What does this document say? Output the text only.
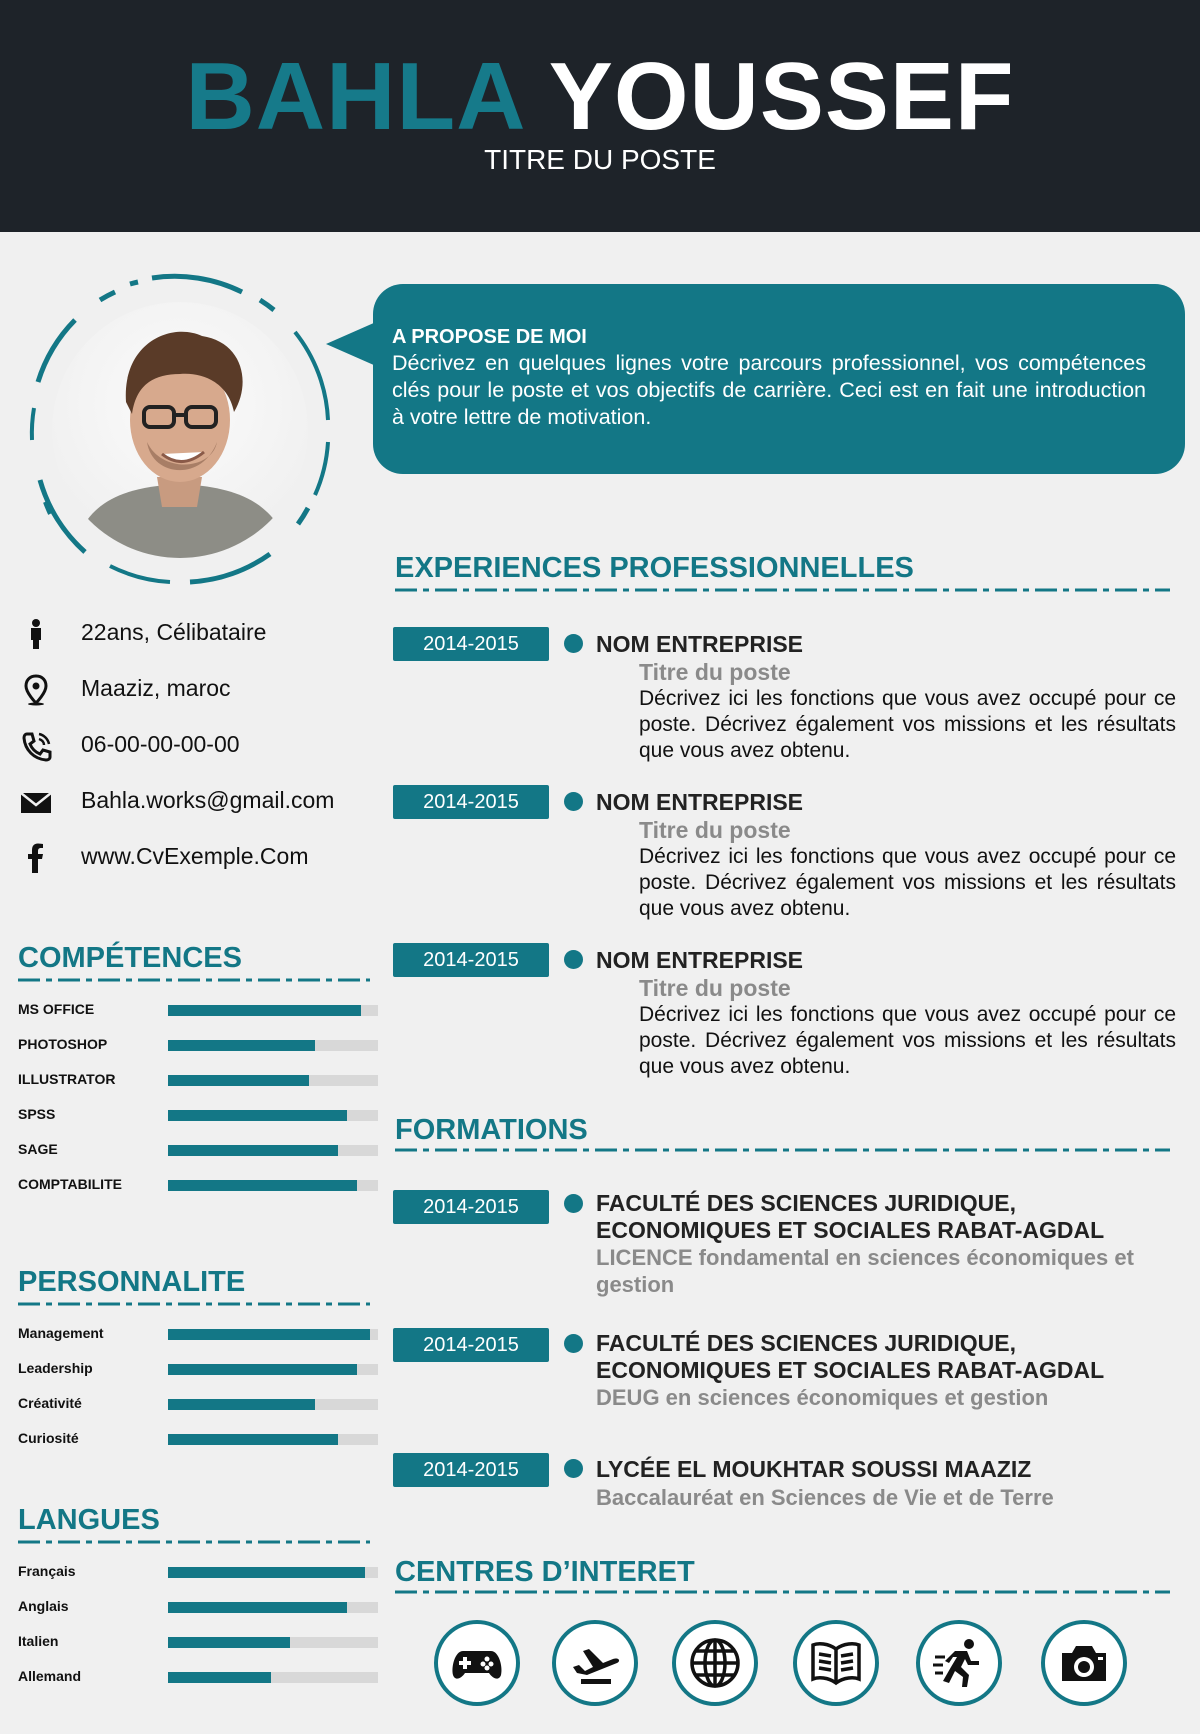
BAHLA YOUSSEF
TITRE DU POSTE
A PROPOSE DE MOI

Décrivez en quelques lignes votre parcours professionnel, vos compétences clés pour le poste et vos objectifs de carrière. Ceci est en fait une introduction à votre lettre de motivation.

22ans, Célibataire
Maaziz, maroc
06-00-00-00-00
Bahla.works@gmail.com
www.CvExemple.Com
COMPÉTENCES
MS OFFICE
PHOTOSHOP
ILLUSTRATOR
SPSS
SAGE
COMPTABILITE
PERSONNALITE
Management
Leadership
Créativité
Curiosité
LANGUES
Français
Anglais
Italien
Allemand
EXPERIENCES PROFESSIONNELLES
2014-2015	NOM ENTREPRISE
Titre du poste
Décrivez ici les fonctions que vous avez occupé pour ce poste. Décrivez également vos missions et les résultats que vous avez obtenu.
2014-2015	NOM ENTREPRISE
Titre du poste
Décrivez ici les fonctions que vous avez occupé pour ce poste. Décrivez également vos missions et les résultats que vous avez obtenu.
2014-2015	NOM ENTREPRISE
Titre du poste
Décrivez ici les fonctions que vous avez occupé pour ce poste. Décrivez également vos missions et les résultats que vous avez obtenu.
FORMATIONS
2014-2015	FACULTÉ DES SCIENCES JURIDIQUE, ECONOMIQUES ET SOCIALES RABAT-AGDAL
LICENCE fondamental en sciences économiques et gestion
2014-2015	FACULTÉ DES SCIENCES JURIDIQUE, ECONOMIQUES ET SOCIALES RABAT-AGDAL
DEUG en sciences économiques et gestion
2014-2015	LYCÉE EL MOUKHTAR SOUSSI MAAZIZ
Baccalauréat en Sciences de Vie et de Terre
CENTRES D’INTERET
